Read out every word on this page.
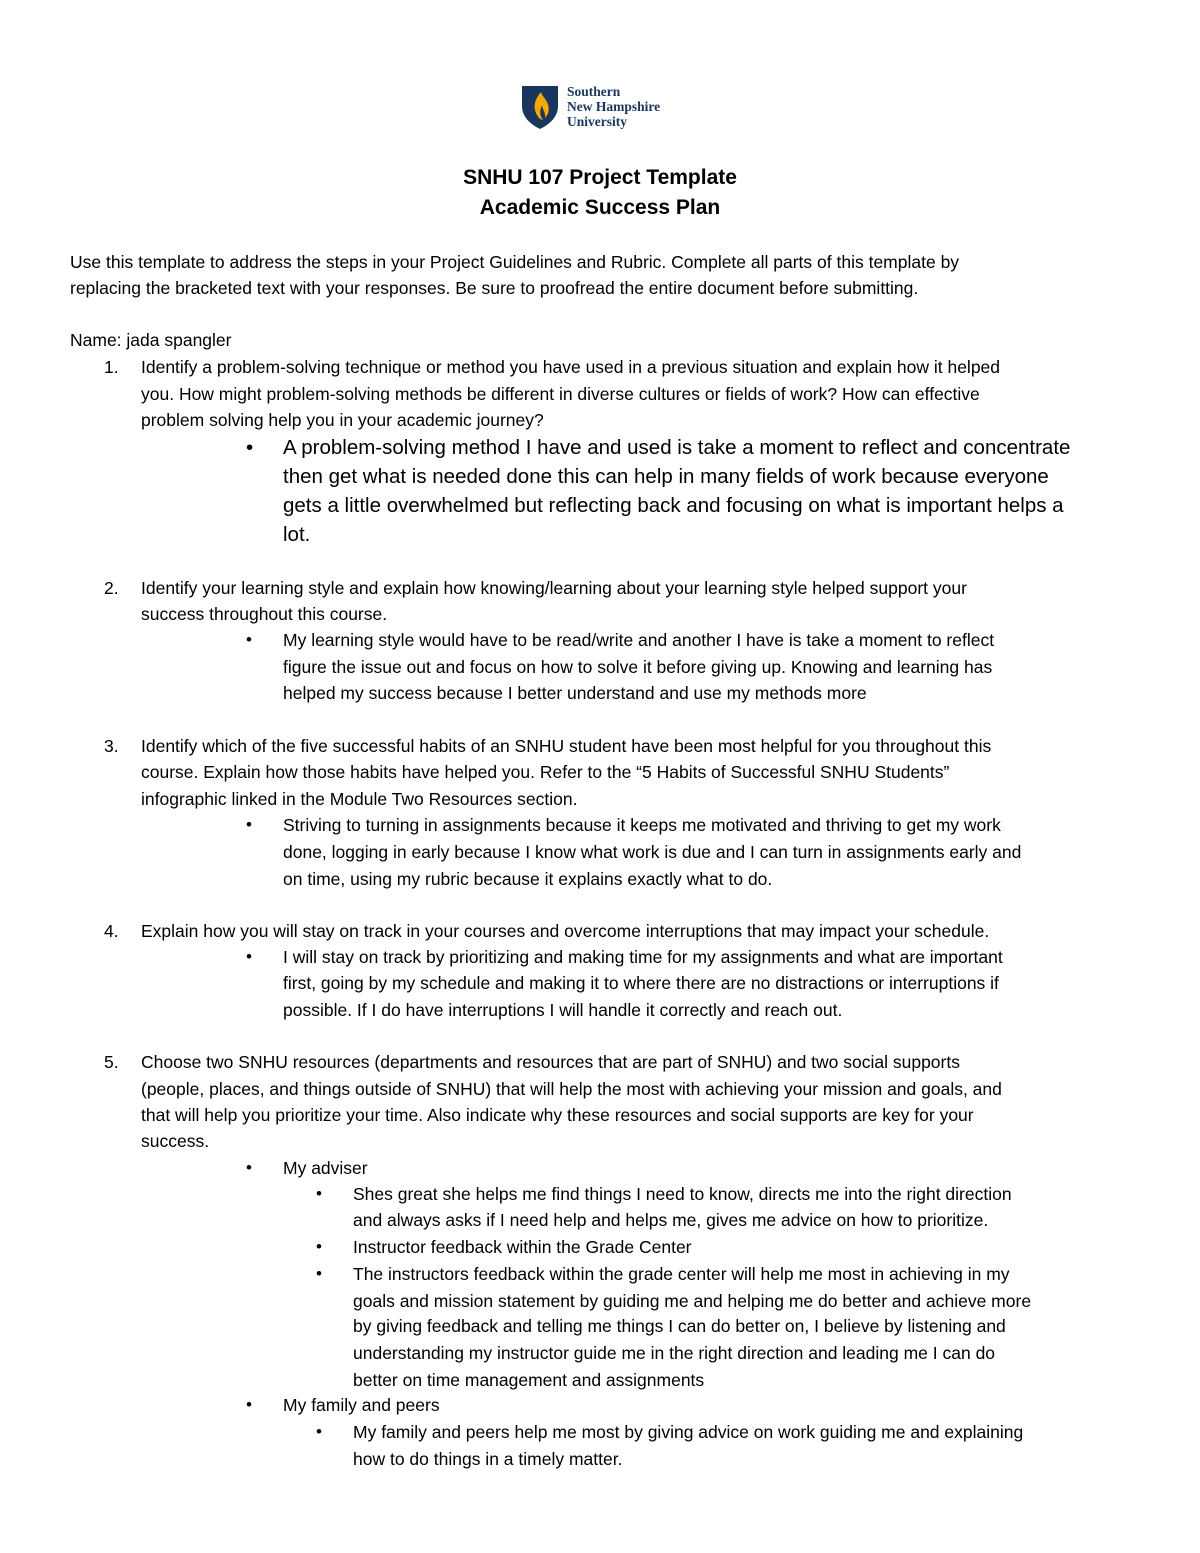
Southern
New Hampshire
University
SNHU 107 Project Template
Academic Success Plan
Use this template to address the steps in your Project Guidelines and Rubric. Complete all parts of this template by
replacing the bracketed text with your responses. Be sure to proofread the entire document before submitting.
Name: jada spangler
1. Identify a problem-solving technique or method you have used in a previous situation and explain how it helped
you. How might problem-solving methods be different in diverse cultures or fields of work? How can effective
problem solving help you in your academic journey?
• A problem-solving method I have and used is take a moment to reflect and concentrate
then get what is needed done this can help in many fields of work because everyone
gets a little overwhelmed but reflecting back and focusing on what is important helps a
lot.
2. Identify your learning style and explain how knowing/learning about your learning style helped support your
success throughout this course.
• My learning style would have to be read/write and another I have is take a moment to reflect
figure the issue out and focus on how to solve it before giving up. Knowing and learning has
helped my success because I better understand and use my methods more
3. Identify which of the five successful habits of an SNHU student have been most helpful for you throughout this
course. Explain how those habits have helped you. Refer to the “5 Habits of Successful SNHU Students”
infographic linked in the Module Two Resources section.
• Striving to turning in assignments because it keeps me motivated and thriving to get my work
done, logging in early because I know what work is due and I can turn in assignments early and
on time, using my rubric because it explains exactly what to do.
4. Explain how you will stay on track in your courses and overcome interruptions that may impact your schedule.
• I will stay on track by prioritizing and making time for my assignments and what are important
first, going by my schedule and making it to where there are no distractions or interruptions if
possible. If I do have interruptions I will handle it correctly and reach out.
5. Choose two SNHU resources (departments and resources that are part of SNHU) and two social supports
(people, places, and things outside of SNHU) that will help the most with achieving your mission and goals, and
that will help you prioritize your time. Also indicate why these resources and social supports are key for your
success.
• My adviser
• Shes great she helps me find things I need to know, directs me into the right direction
and always asks if I need help and helps me, gives me advice on how to prioritize.
• Instructor feedback within the Grade Center
• The instructors feedback within the grade center will help me most in achieving in my
goals and mission statement by guiding me and helping me do better and achieve more
by giving feedback and telling me things I can do better on, I believe by listening and
understanding my instructor guide me in the right direction and leading me I can do
better on time management and assignments
• My family and peers
• My family and peers help me most by giving advice on work guiding me and explaining
how to do things in a timely matter.
